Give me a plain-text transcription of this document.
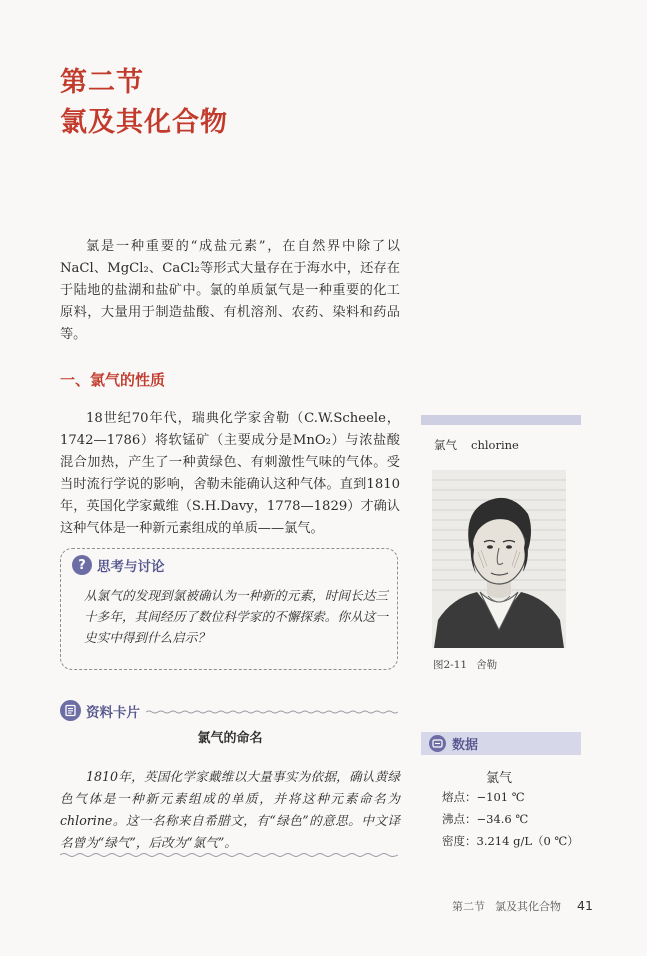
第二节
氯及其化合物

氯是一种重要的“成盐元素”，在自然界中除了以NaCl、MgCl₂、CaCl₂等形式大量存在于海水中，还存在于陆地的盐湖和盐矿中。氯的单质氯气是一种重要的化工原料，大量用于制造盐酸、有机溶剂、农药、染料和药品等。

一、氯气的性质

18世纪70年代，瑞典化学家舍勒（C.W.Scheele，1742—1786）将软锰矿（主要成分是MnO₂）与浓盐酸混合加热，产生了一种黄绿色、有刺激性气味的气体。受当时流行学说的影响，舍勒未能确认这种气体。直到1810年，英国化学家戴维（S.H.Davy，1778—1829）才确认这种气体是一种新元素组成的单质——氯气。

? 思考与讨论

从氯气的发现到氯被确认为一种新的元素，时间长达三十多年，其间经历了数位科学家的不懈探索。你从这一史实中得到什么启示？

资料卡片
氯气的命名

1810年，英国化学家戴维以大量事实为依据，确认黄绿色气体是一种新元素组成的单质，并将这种元素命名为chlorine。这一名称来自希腊文，有“绿色”的意思。中文译名曾为“绿气”，后改为“氯气”。

氯气 chlorine
图2-11 舍勒
数据
氯气
熔点：−101 ℃
沸点：−34.6 ℃
密度：3.214 g/L（0 ℃）
第二节 氯及其化合物 41
